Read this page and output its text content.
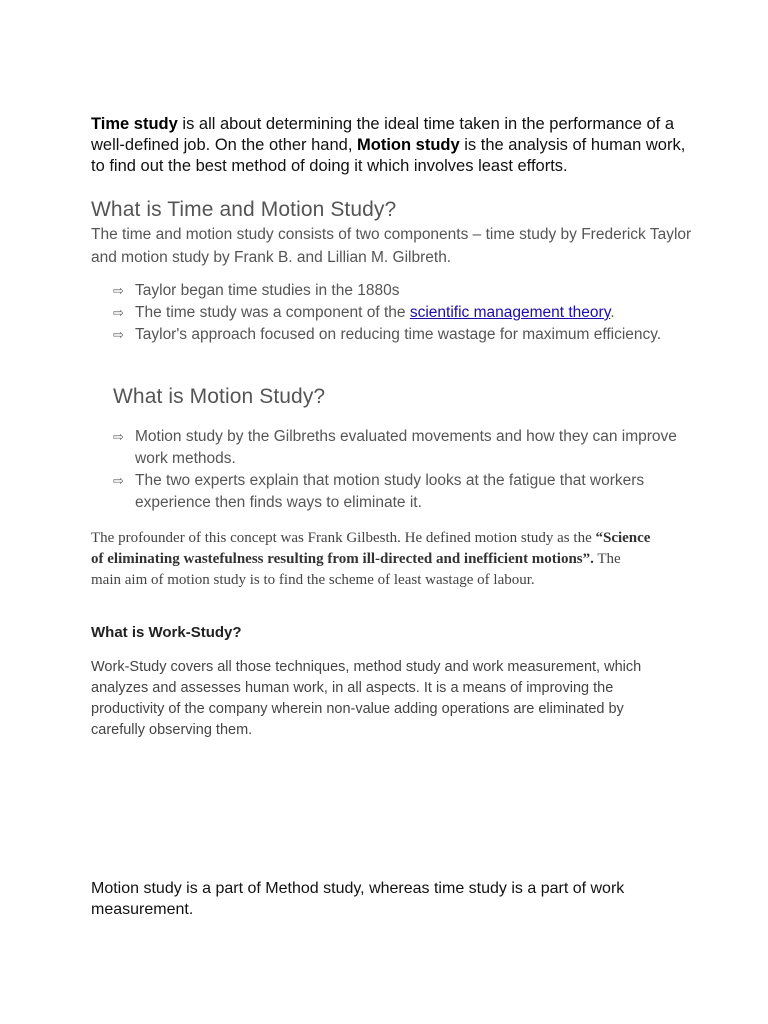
Time study is all about determining the ideal time taken in the performance of a well-defined job. On the other hand, Motion study is the analysis of human work, to find out the best method of doing it which involves least efforts.
What is Time and Motion Study?
The time and motion study consists of two components – time study by Frederick Taylor and motion study by Frank B. and Lillian M. Gilbreth.
⇨ Taylor began time studies in the 1880s
⇨ The time study was a component of the scientific management theory.
⇨ Taylor's approach focused on reducing time wastage for maximum efficiency.
What is Motion Study?
⇨ Motion study by the Gilbreths evaluated movements and how they can improve work methods.
⇨ The two experts explain that motion study looks at the fatigue that workers experience then finds ways to eliminate it.
The profounder of this concept was Frank Gilbesth. He defined motion study as the “Science of eliminating wastefulness resulting from ill-directed and inefficient motions”. The main aim of motion study is to find the scheme of least wastage of labour.
What is Work-Study?
Work-Study covers all those techniques, method study and work measurement, which analyzes and assesses human work, in all aspects. It is a means of improving the productivity of the company wherein non-value adding operations are eliminated by carefully observing them.
Motion study is a part of Method study, whereas time study is a part of work measurement.
